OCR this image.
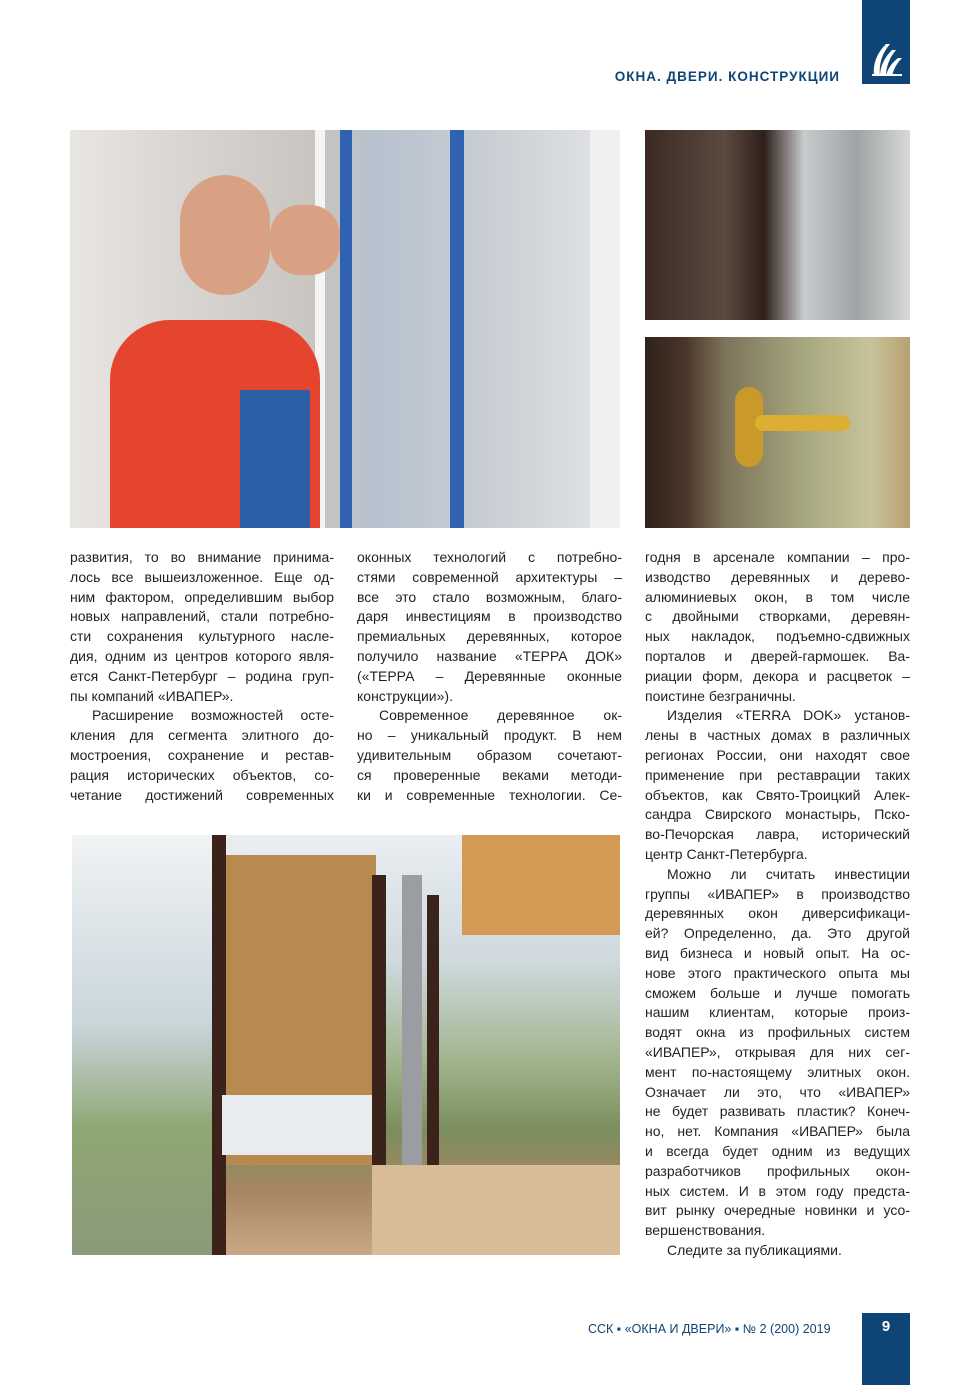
ОКНА. ДВЕРИ. КОНСТРУКЦИИ
развития, то во внимание принима-
лось все вышеизложенное. Еще од-
ним фактором, определившим выбор
новых направлений, стали потребно-
сти сохранения культурного насле-
дия, одним из центров которого явля-
ется Санкт-Петербург – родина груп-
пы компаний «ИВАПЕР».
Расширение возможностей осте-
кления для сегмента элитного до-
мостроения, сохранение и рестав-
рация исторических объектов, со-
четание достижений современных
оконных технологий с потребно-
стями современной архитектуры –
все это стало возможным, благо-
даря инвестициям в производство
премиальных деревянных, которое
получило название «ТЕРРА ДОК»
(«ТЕРРА – Деревянные оконные
конструкции»).
Современное деревянное ок-
но – уникальный продукт. В нем
удивительным образом сочетают-
ся проверенные веками методи-
ки и современные технологии. Се-
годня в арсенале компании – про-
изводство деревянных и дерево-
алюминиевых окон, в том числе
с двойными створками, деревян-
ных накладок, подъемно-сдвижных
порталов и дверей-гармошек. Ва-
риации форм, декора и расцветок –
поистине безграничны.
Изделия «TERRA DOK» установ-
лены в частных домах в различных
регионах России, они находят свое
применение при реставрации таких
объектов, как Свято-Троицкий Алек-
сандра Свирского монастырь, Пско-
во-Печорская лавра, исторический
центр Санкт-Петербурга.
Можно ли считать инвестиции
группы «ИВАПЕР» в производство
деревянных окон диверсификаци-
ей? Определенно, да. Это другой
вид бизнеса и новый опыт. На ос-
нове этого практического опыта мы
сможем больше и лучше помогать
нашим клиентам, которые произ-
водят окна из профильных систем
«ИВАПЕР», открывая для них сег-
мент по-настоящему элитных окон.
Означает ли это, что «ИВАПЕР»
не будет развивать пластик? Конеч-
но, нет. Компания «ИВАПЕР» была
и всегда будет одним из ведущих
разработчиков профильных окон-
ных систем. И в этом году предста-
вит рынку очередные новинки и усо-
вершенствования.
Следите за публикациями.
ССК ▪ «ОКНА И ДВЕРИ» ▪ № 2 (200) 2019	9
